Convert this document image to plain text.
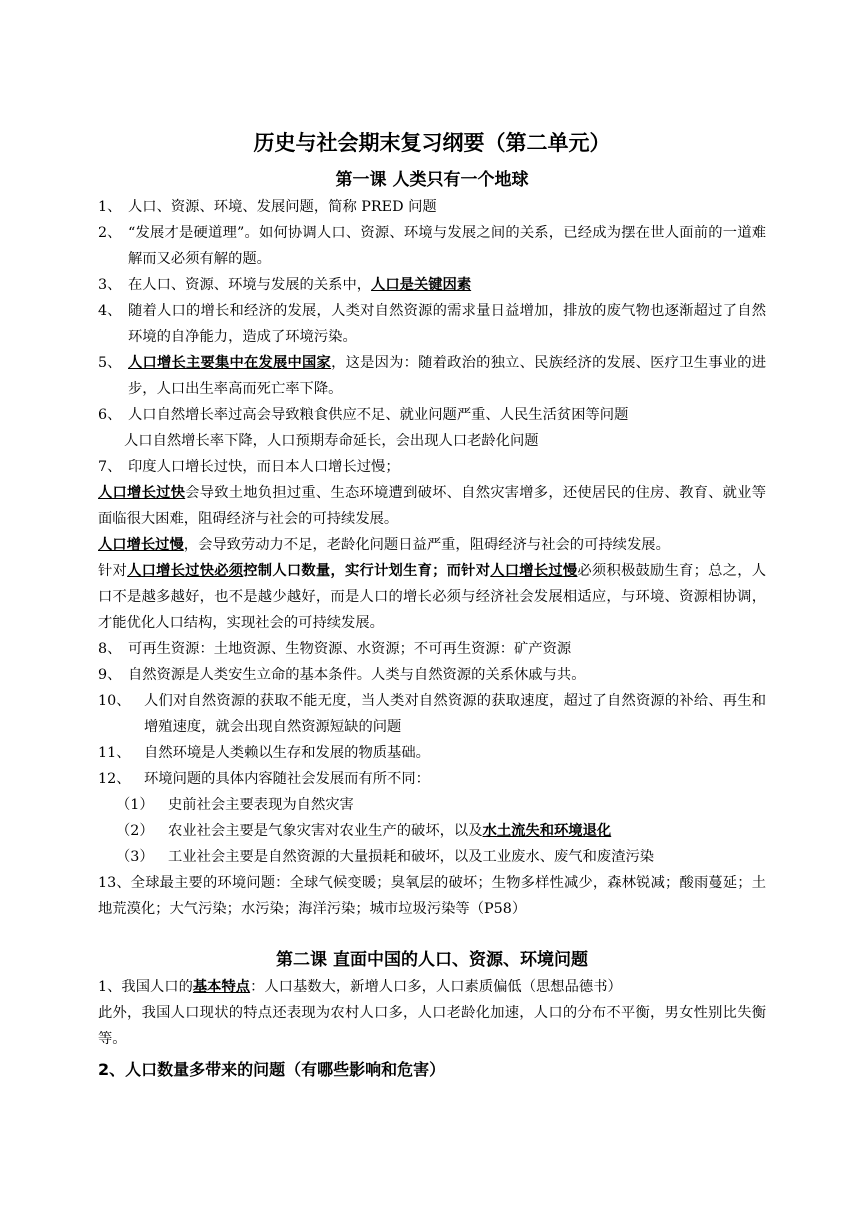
历史与社会期末复习纲要（第二单元）
第一课 人类只有一个地球
1、 人口、资源、环境、发展问题，简称 PRED 问题
2、 “发展才是硬道理”。如何协调人口、资源、环境与发展之间的关系，已经成为摆在世人面前的一道难解而又必须有解的题。
3、 在人口、资源、环境与发展的关系中，人口是关键因素
4、 随着人口的增长和经济的发展，人类对自然资源的需求量日益增加，排放的废气物也逐渐超过了自然环境的自净能力，造成了环境污染。
5、 人口增长主要集中在发展中国家，这是因为：随着政治的独立、民族经济的发展、医疗卫生事业的进步，人口出生率高而死亡率下降。
6、 人口自然增长率过高会导致粮食供应不足、就业问题严重、人民生活贫困等问题

人口自然增长率下降，人口预期寿命延长，会出现人口老龄化问题

7、 印度人口增长过快，而日本人口增长过慢；

人口增长过快会导致土地负担过重、生态环境遭到破坏、自然灾害增多，还使居民的住房、教育、就业等面临很大困难，阻碍经济与社会的可持续发展。

人口增长过慢，会导致劳动力不足，老龄化问题日益严重，阻碍经济与社会的可持续发展。

针对人口增长过快必须控制人口数量，实行计划生育；而针对人口增长过慢必须积极鼓励生育；总之，人口不是越多越好，也不是越少越好，而是人口的增长必须与经济社会发展相适应，与环境、资源相协调，才能优化人口结构，实现社会的可持续发展。

8、 可再生资源：土地资源、生物资源、水资源；不可再生资源：矿产资源
9、 自然资源是人类安生立命的基本条件。人类与自然资源的关系休戚与共。
10、 人们对自然资源的获取不能无度，当人类对自然资源的获取速度，超过了自然资源的补给、再生和增殖速度，就会出现自然资源短缺的问题
11、 自然环境是人类赖以生存和发展的物质基础。
12、 环境问题的具体内容随社会发展而有所不同：
（1） 史前社会主要表现为自然灾害
（2） 农业社会主要是气象灾害对农业生产的破坏，以及水土流失和环境退化
（3） 工业社会主要是自然资源的大量损耗和破坏，以及工业废水、废气和废渣污染

13、全球最主要的环境问题：全球气候变暖；臭氧层的破坏；生物多样性减少，森林锐减；酸雨蔓延；土地荒漠化；大气污染；水污染；海洋污染；城市垃圾污染等（P58）

第二课 直面中国的人口、资源、环境问题

1、我国人口的基本特点：人口基数大，新增人口多，人口素质偏低（思想品德书）

此外，我国人口现状的特点还表现为农村人口多，人口老龄化加速，人口的分布不平衡，男女性别比失衡等。

2、人口数量多带来的问题（有哪些影响和危害）
